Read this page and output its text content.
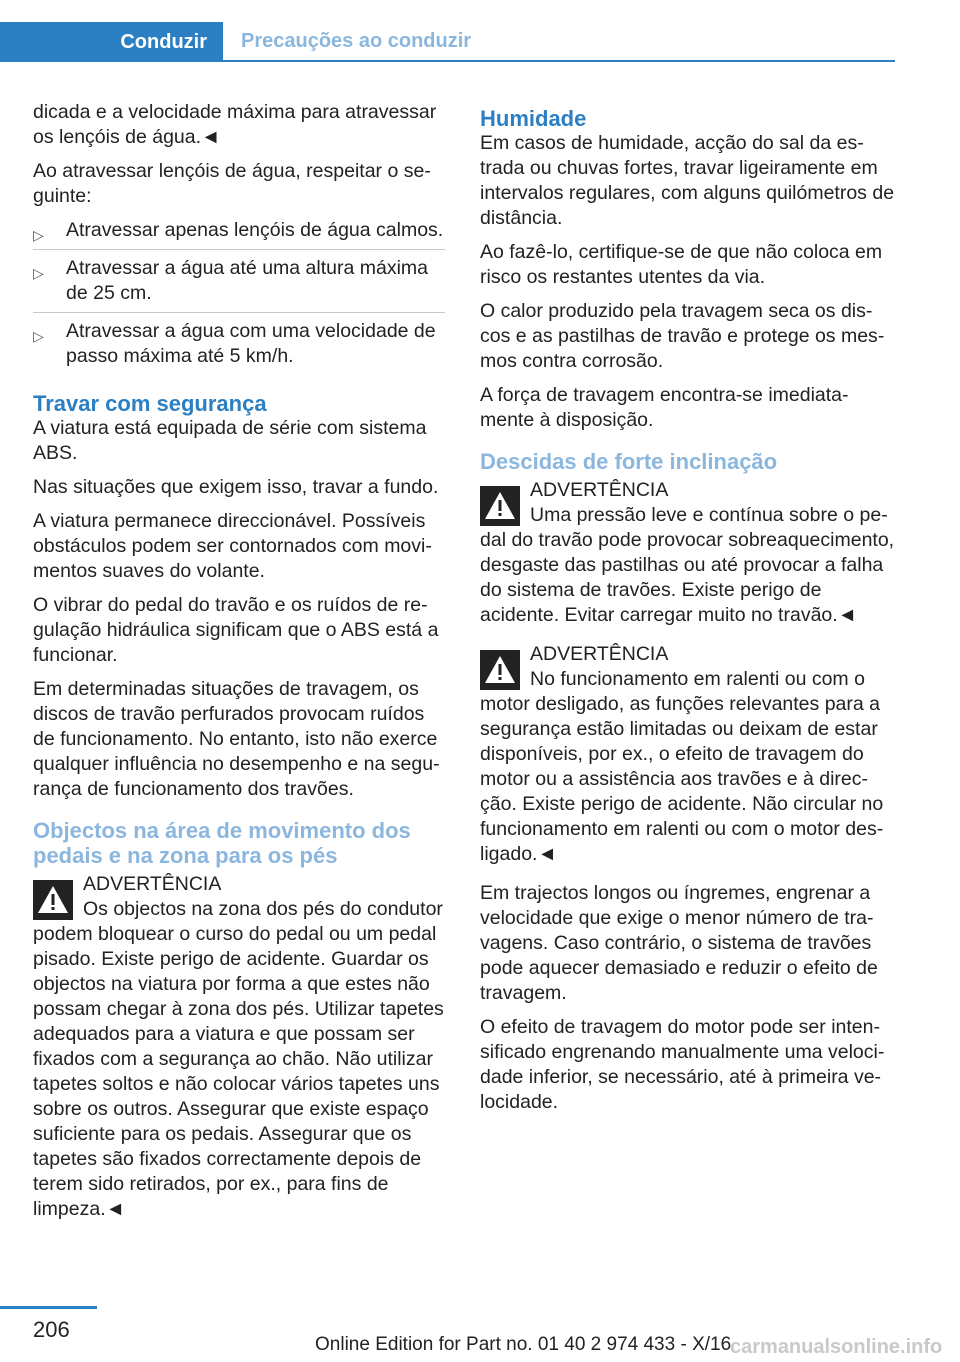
Conduzir	Precauções ao conduzir

dicada e a velocidade máxima para atravessar os lençóis de água.◄

Ao atravessar lençóis de água, respeitar o seguinte:

▷ Atravessar apenas lençóis de água calmos.
▷ Atravessar a água até uma altura máxima de 25 cm.
▷ Atravessar a água com uma velocidade de passo máxima até 5 km/h.
Travar com segurança

A viatura está equipada de série com sistema ABS.

Nas situações que exigem isso, travar a fundo.

A viatura permanece direccionável. Possíveis obstáculos podem ser contornados com movimentos suaves do volante.

O vibrar do pedal do travão e os ruídos de regulação hidráulica significam que o ABS está a funcionar.

Em determinadas situações de travagem, os discos de travão perfurados provocam ruídos de funcionamento. No entanto, isto não exerce qualquer influência no desempenho e na segurança de funcionamento dos travões.

Objectos na área de movimento dos pedais e na zona para os pés
ADVERTÊNCIA
Os objectos na zona dos pés do condutor podem bloquear o curso do pedal ou um pedal pisado. Existe perigo de acidente. Guardar os objectos na viatura por forma a que estes não possam chegar à zona dos pés. Utilizar tapetes adequados para a viatura e que possam ser fixados com a segurança ao chão. Não utilizar tapetes soltos e não colocar vários tapetes uns sobre os outros. Assegurar que existe espaço suficiente para os pedais. Assegurar que os tapetes são fixados correctamente depois de terem sido retirados, por ex., para fins de limpeza.◄
Humidade

Em casos de humidade, acção do sal da estrada ou chuvas fortes, travar ligeiramente em intervalos regulares, com alguns quilómetros de distância.

Ao fazê-lo, certifique-se de que não coloca em risco os restantes utentes da via.

O calor produzido pela travagem seca os discos e as pastilhas de travão e protege os mesmos contra corrosão.

A força de travagem encontra-se imediatamente à disposição.

Descidas de forte inclinação
ADVERTÊNCIA
Uma pressão leve e contínua sobre o pedal do travão pode provocar sobreaquecimento, desgaste das pastilhas ou até provocar a falha do sistema de travões. Existe perigo de acidente. Evitar carregar muito no travão.◄
ADVERTÊNCIA
No funcionamento em ralenti ou com o motor desligado, as funções relevantes para a segurança estão limitadas ou deixam de estar disponíveis, por ex., o efeito de travagem do motor ou a assistência aos travões e à direcção. Existe perigo de acidente. Não circular no funcionamento em ralenti ou com o motor desligado.◄

Em trajectos longos ou íngremes, engrenar a velocidade que exige o menor número de travagens. Caso contrário, o sistema de travões pode aquecer demasiado e reduzir o efeito de travagem.

O efeito de travagem do motor pode ser intensificado engrenando manualmente uma velocidade inferior, se necessário, até à primeira velocidade.

206
Online Edition for Part no. 01 40 2 974 433 - X/16
carmanualsonline.info
